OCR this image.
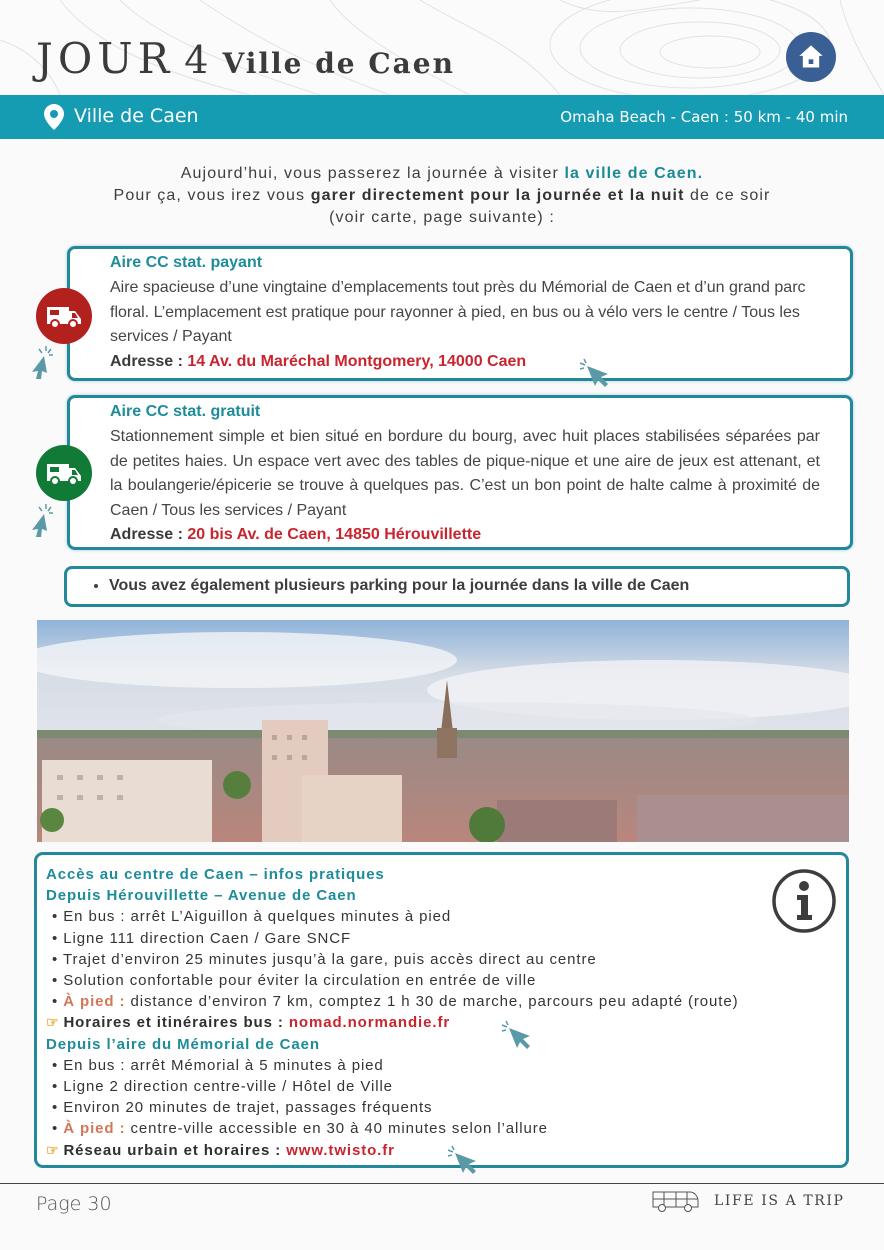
JOUR 4 Ville de Caen
Ville de Caen	Omaha Beach - Caen : 50 km - 40 min
Aujourd’hui, vous passerez la journée à visiter la ville de Caen.
Pour ça, vous irez vous garer directement pour la journée et la nuit de ce soir
(voir carte, page suivante) :
Aire CC stat. payant
Aire spacieuse d’une vingtaine d’emplacements tout près du Mémorial de Caen et d’un grand parc floral. L’emplacement est pratique pour rayonner à pied, en bus ou à vélo vers le centre / Tous les services / Payant
Adresse : 14 Av. du Maréchal Montgomery, 14000 Caen
Aire CC stat. gratuit
Stationnement simple et bien situé en bordure du bourg, avec huit places stabilisées séparées par de petites haies. Un espace vert avec des tables de pique-nique et une aire de jeux est attenant, et la boulangerie/épicerie se trouve à quelques pas. C’est un bon point de halte calme à proximité de Caen / Tous les services / Payant
Adresse : 20 bis Av. de Caen, 14850 Hérouvillette
• Vous avez également plusieurs parking pour la journée dans la ville de Caen
Accès au centre de Caen – infos pratiques
Depuis Hérouvillette – Avenue de Caen
• En bus : arrêt L’Aiguillon à quelques minutes à pied
• Ligne 111 direction Caen / Gare SNCF
• Trajet d’environ 25 minutes jusqu’à la gare, puis accès direct au centre
• Solution confortable pour éviter la circulation en entrée de ville
• À pied : distance d’environ 7 km, comptez 1 h 30 de marche, parcours peu adapté (route)
☞ Horaires et itinéraires bus : nomad.normandie.fr
Depuis l’aire du Mémorial de Caen
• En bus : arrêt Mémorial à 5 minutes à pied
• Ligne 2 direction centre-ville / Hôtel de Ville
• Environ 20 minutes de trajet, passages fréquents
• À pied : centre-ville accessible en 30 à 40 minutes selon l’allure
☞ Réseau urbain et horaires : www.twisto.fr
Page 30	LIFE IS A TRIP
